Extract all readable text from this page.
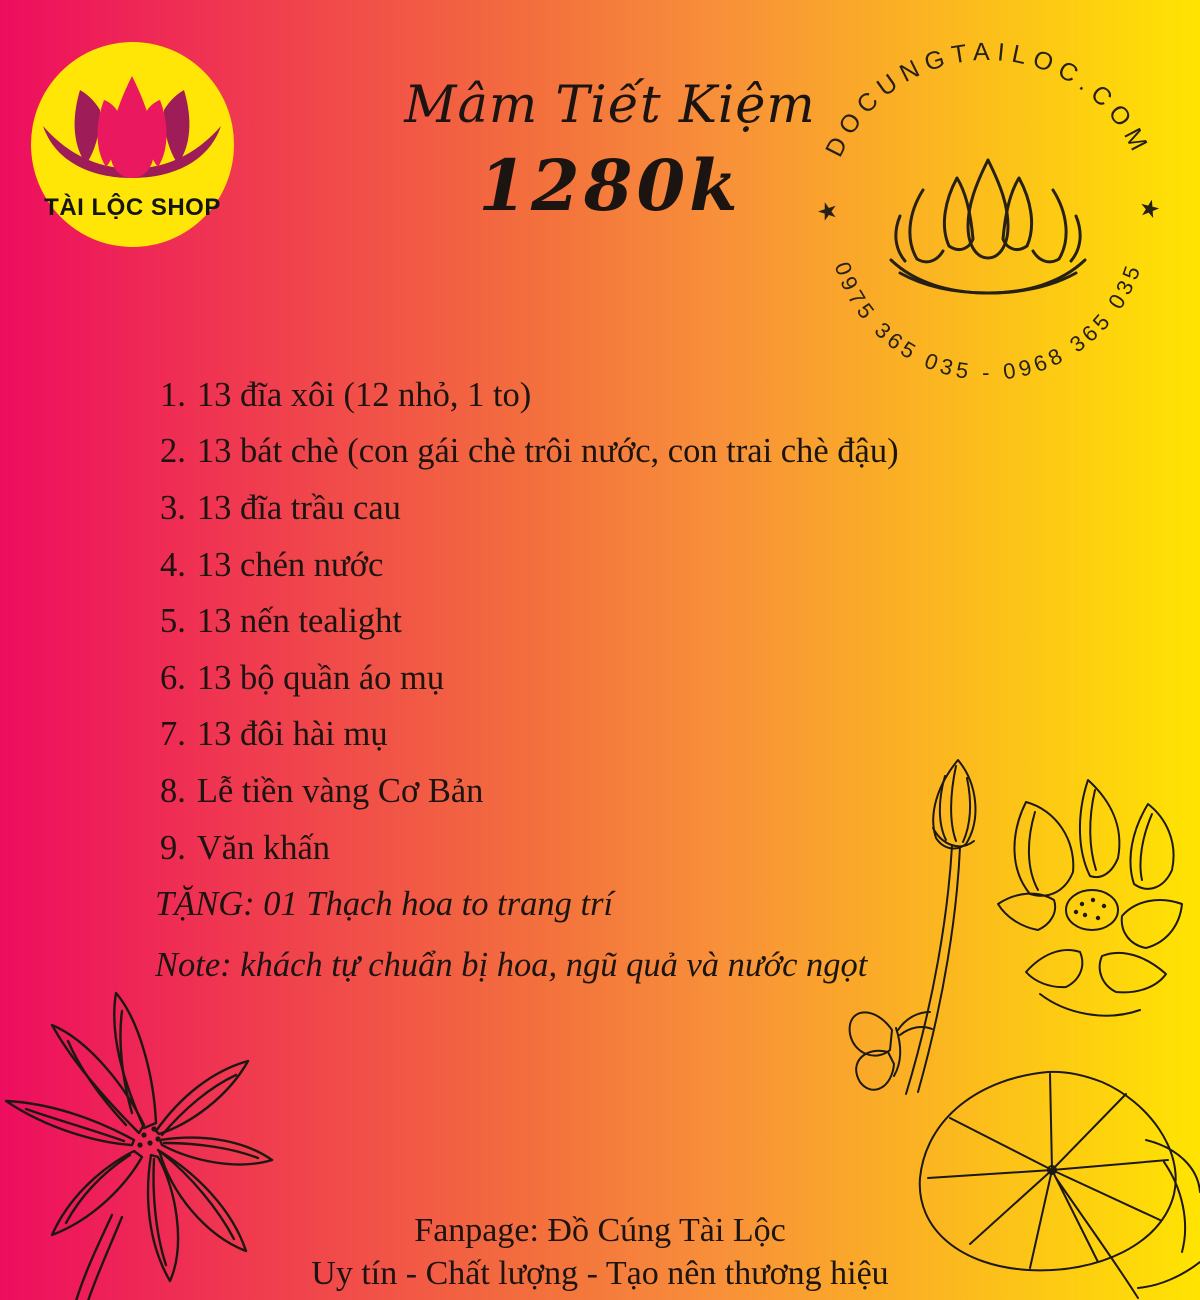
TÀI LỘC SHOP
Mâm Tiết Kiệm
1280k
DOCUNGTAILOC.COM
0975 365 035 - 0968 365 035
★	★
1. 13 đĩa xôi (12 nhỏ, 1 to)
2. 13 bát chè (con gái chè trôi nước, con trai chè đậu)
3. 13 đĩa trầu cau
4. 13 chén nước
5. 13 nến tealight
6. 13 bộ quần áo mụ
7. 13 đôi hài mụ
8. Lễ tiền vàng Cơ Bản
9. Văn khấn
TẶNG: 01 Thạch hoa to trang trí
Note: khách tự chuẩn bị hoa, ngũ quả và nước ngọt
Fanpage: Đồ Cúng Tài Lộc
Uy tín - Chất lượng - Tạo nên thương hiệu
